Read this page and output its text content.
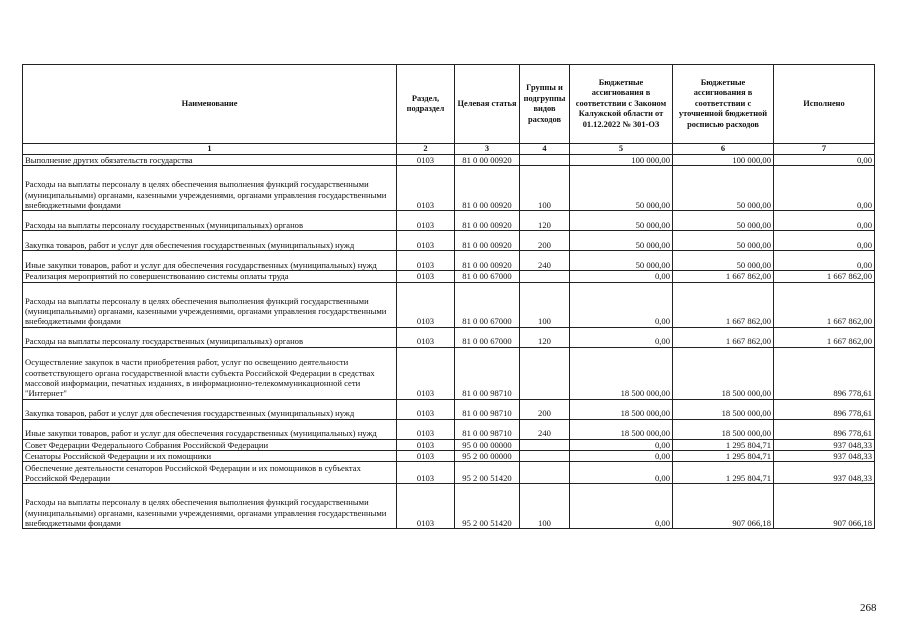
Наименование	Раздел, подраздел	Целевая статья	Группы и подгруппы видов расходов	Бюджетные ассигнования в соответствии с Законом Калужской области от 01.12.2022 № 301-ОЗ	Бюджетные ассигнования в соответствии с уточненной бюджетной росписью расходов	Исполнено
1	2	3	4	5	6	7
Выполнение других обязательств государства	0103	81 0 00 00920		100 000,00	100 000,00	0,00
Расходы на выплаты персоналу в целях обеспечения выполнения функций государственными (муниципальными) органами, казенными учреждениями, органами управления государственными внебюджетными фондами	0103	81 0 00 00920	100	50 000,00	50 000,00	0,00
Расходы на выплаты персоналу государственных (муниципальных) органов	0103	81 0 00 00920	120	50 000,00	50 000,00	0,00
Закупка товаров, работ и услуг для обеспечения государственных (муниципальных) нужд	0103	81 0 00 00920	200	50 000,00	50 000,00	0,00
Иные закупки товаров, работ и услуг для обеспечения государственных (муниципальных) нужд	0103	81 0 00 00920	240	50 000,00	50 000,00	0,00
Реализация мероприятий по совершенствованию системы оплаты труда	0103	81 0 00 67000		0,00	1 667 862,00	1 667 862,00
Расходы на выплаты персоналу в целях обеспечения выполнения функций государственными (муниципальными) органами, казенными учреждениями, органами управления государственными внебюджетными фондами	0103	81 0 00 67000	100	0,00	1 667 862,00	1 667 862,00
Расходы на выплаты персоналу государственных (муниципальных) органов	0103	81 0 00 67000	120	0,00	1 667 862,00	1 667 862,00
Осуществление закупок в части приобретения работ, услуг по освещению деятельности соответствующего органа государственной власти субъекта Российской Федерации в средствах массовой информации, печатных изданиях, в информационно-телекоммуникационной сети "Интернет"	0103	81 0 00 98710		18 500 000,00	18 500 000,00	896 778,61
Закупка товаров, работ и услуг для обеспечения государственных (муниципальных) нужд	0103	81 0 00 98710	200	18 500 000,00	18 500 000,00	896 778,61
Иные закупки товаров, работ и услуг для обеспечения государственных (муниципальных) нужд	0103	81 0 00 98710	240	18 500 000,00	18 500 000,00	896 778,61
Совет Федерации Федерального Собрания Российской Федерации	0103	95 0 00 00000		0,00	1 295 804,71	937 048,33
Сенаторы Российской Федерации и их помощники	0103	95 2 00 00000		0,00	1 295 804,71	937 048,33
Обеспечение деятельности сенаторов Российской Федерации и их помощников в субъектах Российской Федерации	0103	95 2 00 51420		0,00	1 295 804,71	937 048,33
Расходы на выплаты персоналу в целях обеспечения выполнения функций государственными (муниципальными) органами, казенными учреждениями, органами управления государственными внебюджетными фондами	0103	95 2 00 51420	100	0,00	907 066,18	907 066,18
268
